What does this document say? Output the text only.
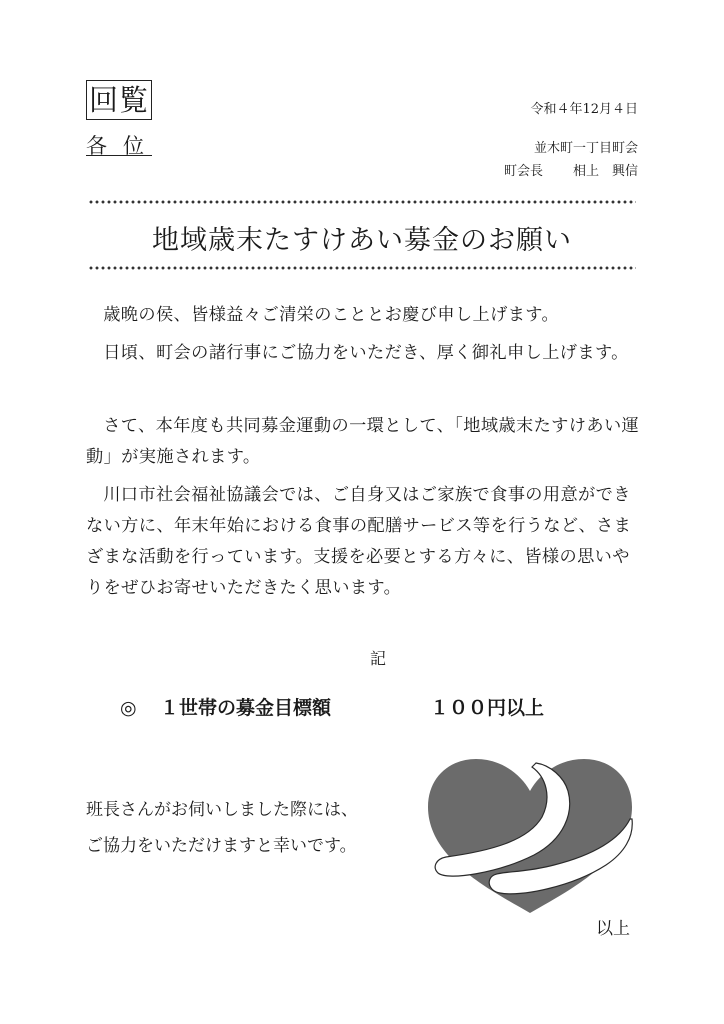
回覧
各位
令和４年12月４日
並木町一丁目町会
町会長 相上　興信
地域歳末たすけあい募金のお願い
歳晩の侯、皆様益々ご清栄のこととお慶び申し上げます。
日頃、町会の諸行事にご協力をいただき、厚く御礼申し上げます。
さて、本年度も共同募金運動の一環として、「地域歳末たすけあい運動」が実施されます。
川口市社会福祉協議会では、ご自身又はご家族で食事の用意ができない方に、年末年始における食事の配膳サービス等を行うなど、さまざまな活動を行っています。支援を必要とする方々に、皆様の思いやりをぜひお寄せいただきたく思います。
記
◎ １世帯の募金目標額	１００円以上
班長さんがお伺いしました際には、
ご協力をいただけますと幸いです。
以上
